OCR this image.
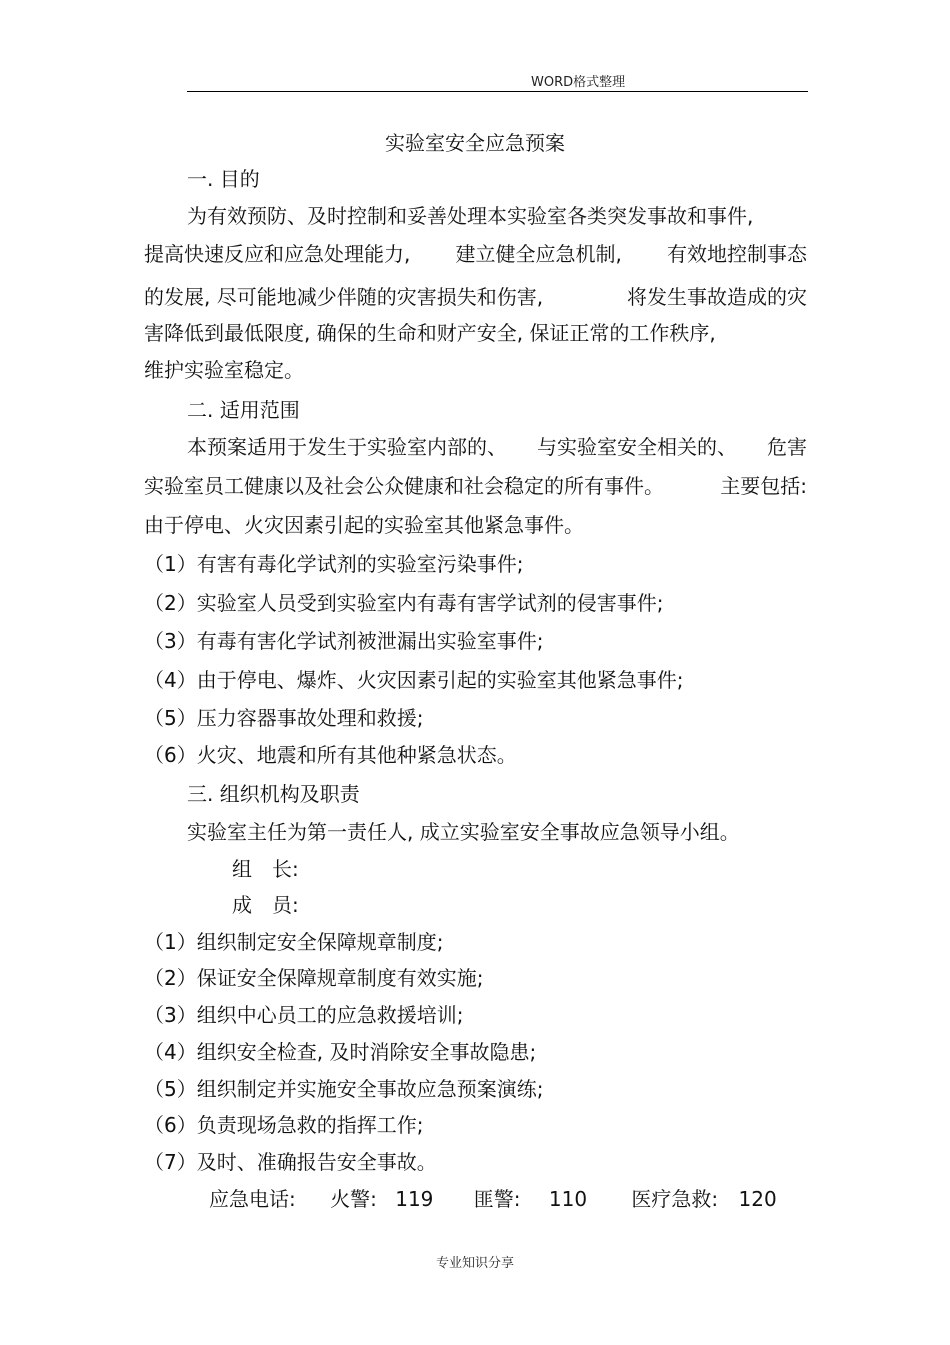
WORD格式整理
实验室安全应急预案
一. 目的
为有效预防、及时控制和妥善处理本实验室各类突发事故和事件,
提高快速反应和应急处理能力, 建立健全应急机制, 有效地控制事态
的发展, 尽可能地减少伴随的灾害损失和伤害,	将发生事故造成的灾
害降低到最低限度, 确保的生命和财产安全, 保证正常的工作秩序,
维护实验室稳定。
二. 适用范围
本预案适用于发生于实验室内部的、 与实验室安全相关的、 危害
实验室员工健康以及社会公众健康和社会稳定的所有事件。	主要包括:
由于停电、火灾因素引起的实验室其他紧急事件。
（1）有害有毒化学试剂的实验室污染事件;
（2）实验室人员受到实验室内有毒有害学试剂的侵害事件;
（3）有毒有害化学试剂被泄漏出实验室事件;
（4）由于停电、爆炸、火灾因素引起的实验室其他紧急事件;
（5）压力容器事故处理和救援;
（6）火灾、地震和所有其他种紧急状态。
三. 组织机构及职责
实验室主任为第一责任人, 成立实验室安全事故应急领导小组。
组　长:
成　员:
（1）组织制定安全保障规章制度;
（2）保证安全保障规章制度有效实施;
（3）组织中心员工的应急救援培训;
（4）组织安全检查, 及时消除安全事故隐患;
（5）组织制定并实施安全事故应急预案演练;
（6）负责现场急救的指挥工作;
（7）及时、准确报告安全事故。
应急电话: 火警: 119 匪警: 110 医疗急救: 120
专业知识分享
